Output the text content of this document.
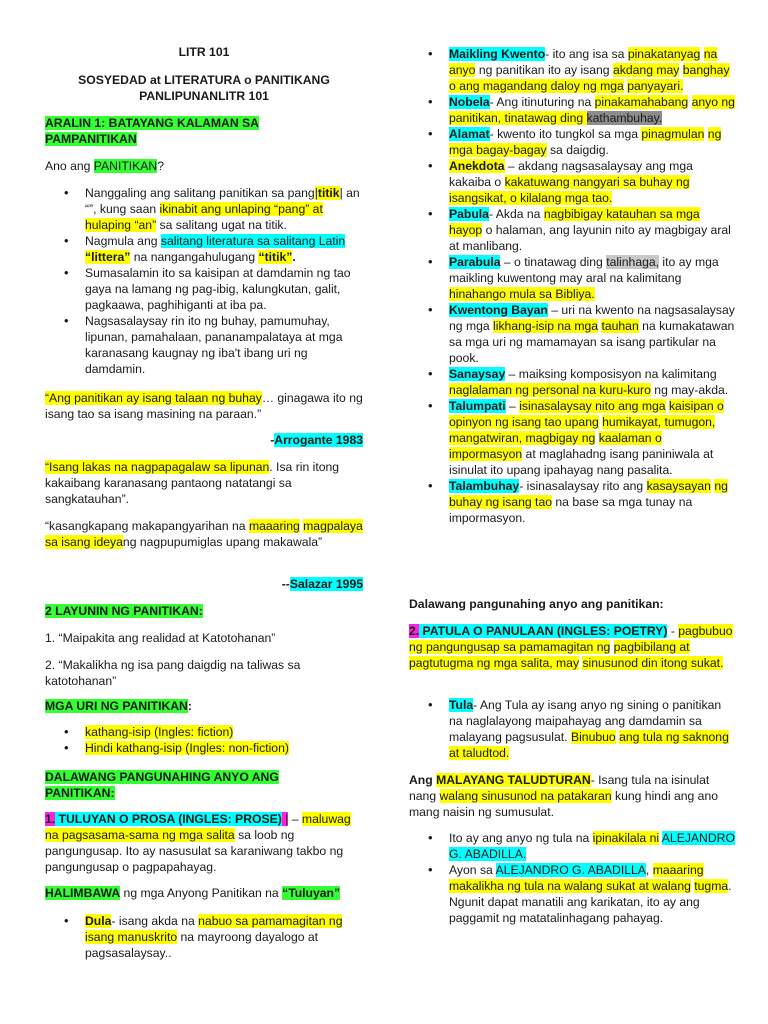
LITR 101
SOSYEDAD at LITERATURA o PANITIKANG
PANLIPUNANLITR 101
ARALIN 1: BATAYANG KALAMAN SA
PAMPANITIKAN

Ano ang PANITIKAN?

• Nanggaling ang salitang panitikan sa pang|titik| an “”, kung saan ikinabit ang unlaping “pang” at hulaping “an” sa salitang ugat na titik.
• Nagmula ang salitang literatura sa salitang Latin “littera” na nangangahulugang “titik”.
• Sumasalamin ito sa kaisipan at damdamin ng tao gaya na lamang ng pag-ibig, kalungkutan, galit, pagkaawa, paghihiganti at iba pa.
• Nagsasalaysay rin ito ng buhay, pamumuhay, lipunan, pamahalaan, pananampalataya at mga karanasang kaugnay ng iba't ibang uri ng damdamin.

“Ang panitikan ay isang talaan ng buhay… ginagawa ito ng isang tao sa isang masining na paraan.”

-Arrogante 1983

“Isang lakas na nagpapagalaw sa lipunan. Isa rin itong kakaibang karanasang pantaong natatangi sa sangkatauhan”.

“kasangkapang makapangyarihan na maaaring magpalaya sa isang ideyang nagpupumiglas upang makawala”

--Salazar 1995

2 LAYUNIN NG PANITIKAN:

1. “Maipakita ang realidad at Katotohanan”

2. “Makalikha ng isa pang daigdig na taliwas sa katotohanan”

MGA URI NG PANITIKAN:

• kathang-isip (Ingles: fiction)
• Hindi kathang-isip (Ingles: non-fiction)
DALAWANG PANGUNAHING ANYO ANG
PANITIKAN:

1. TULUYAN O PROSA (INGLES: PROSE) | – maluwag na pagsasama-sama ng mga salita sa loob ng pangungusap. Ito ay nasusulat sa karaniwang takbo ng pangungusap o pagpapahayag.

HALIMBAWA ng mga Anyong Panitikan na “Tuluyan”

• Dula- isang akda na nabuo sa pamamagitan ng isang manuskrito na mayroong dayalogo at pagsasalaysay..
• Maikling Kwento- ito ang isa sa pinakatanyag na anyo ng panitikan ito ay isang akdang may banghay o ang magandang daloy ng mga panyayari.
• Nobela- Ang itinuturing na pinakamahabang anyo ng panitikan, tinatawag ding kathambuhay.
• Alamat- kwento ito tungkol sa mga pinagmulan ng mga bagay-bagay sa daigdig.
• Anekdota – akdang nagsasalaysay ang mga kakaiba o kakatuwang nangyari sa buhay ng isangsikat, o kilalang mga tao.
• Pabula- Akda na nagbibigay katauhan sa mga hayop o halaman, ang layunin nito ay magbigay aral at manlibang.
• Parabula – o tinatawag ding talinhaga, ito ay mga maikling kuwentong may aral na kalimitang hinahango mula sa Bibliya.
• Kwentong Bayan – uri na kwento na nagsasalaysay ng mga likhang-isip na mga tauhan na kumakatawan sa mga uri ng mamamayan sa isang partikular na pook.
• Sanaysay – maiksing komposisyon na kalimitang naglalaman ng personal na kuru-kuro ng may-akda.
• Talumpati – isinasalaysay nito ang mga kaisipan o opinyon ng isang tao upang humikayat, tumugon, mangatwiran, magbigay ng kaalaman o impormasyon at maglahadng isang paniniwala at isinulat ito upang ipahayag nang pasalita.
• Talambuhay- isinasalaysay rito ang kasaysayan ng buhay ng isang tao na base sa mga tunay na impormasyon.

Dalawang pangunahing anyo ang panitikan:

2. PATULA O PANULAAN (INGLES: POETRY) - pagbubuo ng pangungusap sa pamamagitan ng pagbibilang at pagtutugma ng mga salita, may sinusunod din itong sukat.

• Tula- Ang Tula ay isang anyo ng sining o panitikan na naglalayong maipahayag ang damdamin sa malayang pagsusulat. Binubuo ang tula ng saknong at taludtod.

Ang MALAYANG TALUDTURAN- Isang tula na isinulat nang walang sinusunod na patakaran kung hindi ang ano mang naisin ng sumusulat.

• Ito ay ang anyo ng tula na ipinakilala ni ALEJANDRO G. ABADILLA.
• Ayon sa ALEJANDRO G. ABADILLA, maaaring makalikha ng tula na walang sukat at walang tugma. Ngunit dapat manatili ang karikatan, ito ay ang paggamit ng matatalinhagang pahayag.
